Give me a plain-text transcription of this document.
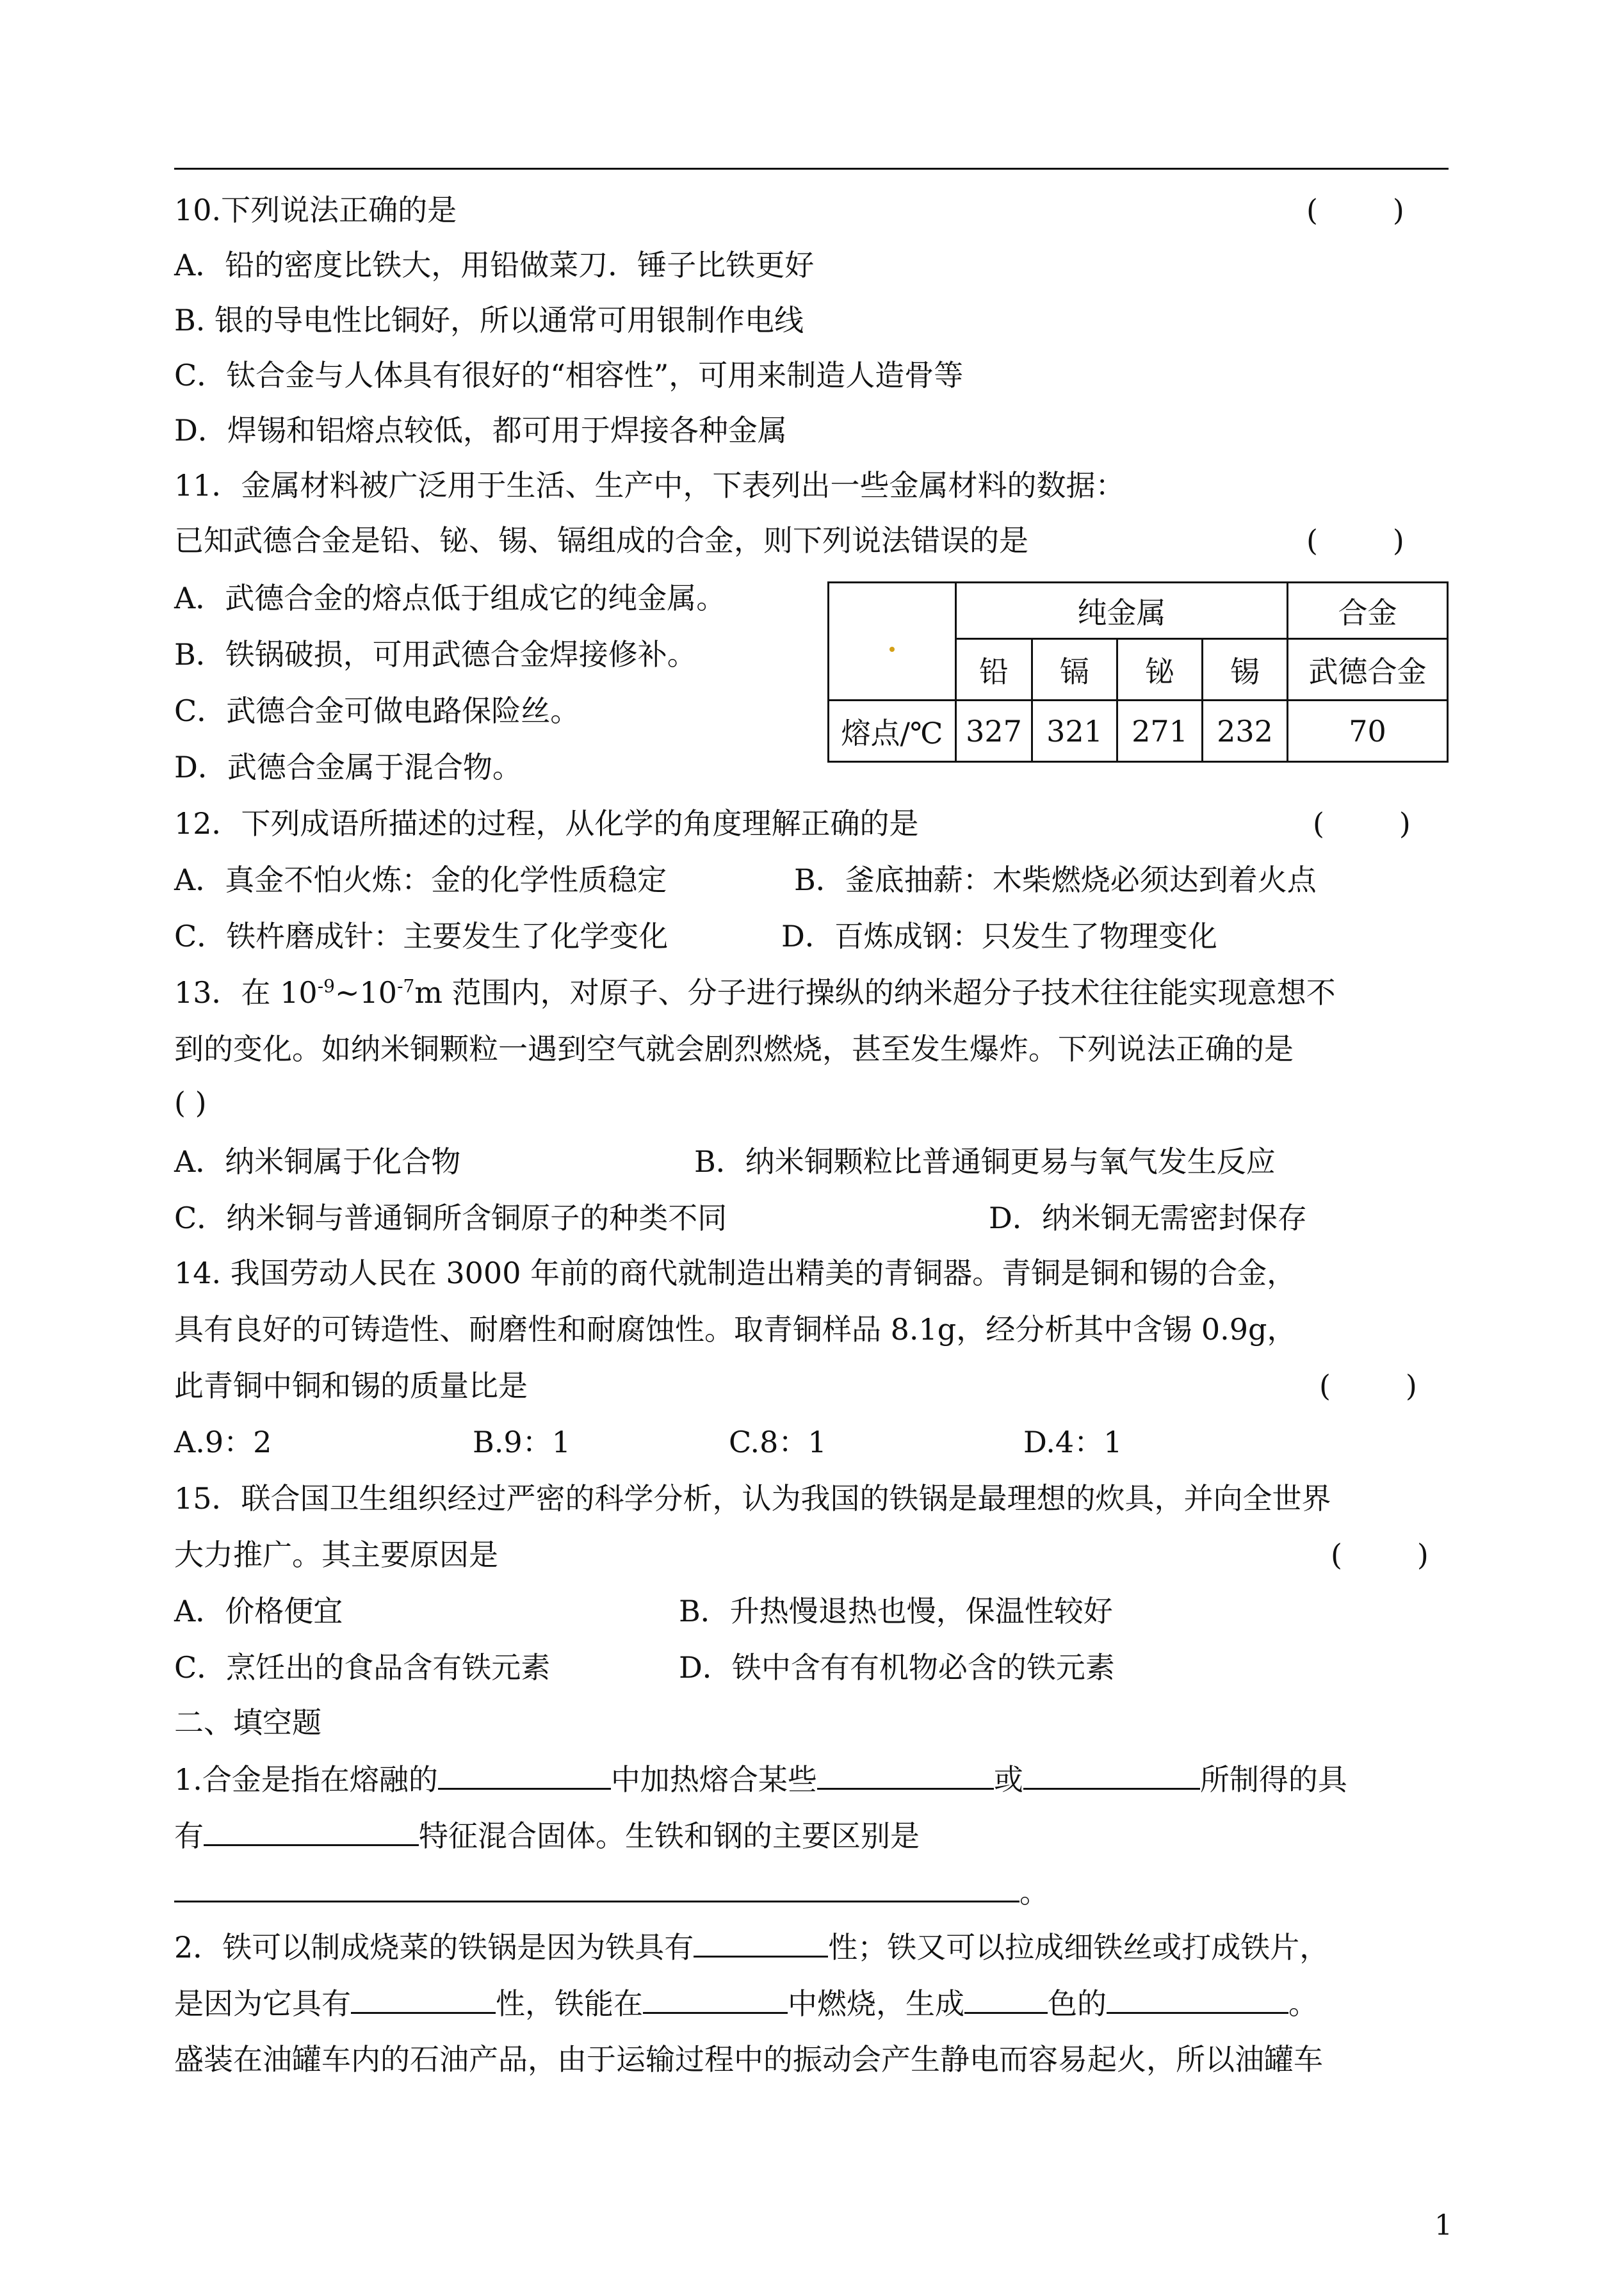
10.下列说法正确的是	(        )
A．铅的密度比铁大，用铅做菜刀．锤子比铁更好
B. 银的导电性比铜好，所以通常可用银制作电线
C．钛合金与人体具有很好的“相容性”，可用来制造人造骨等
D．焊锡和铝熔点较低，都可用于焊接各种金属
11．金属材料被广泛用于生活、生产中，下表列出一些金属材料的数据：
已知武德合金是铅、铋、锡、镉组成的合金，则下列说法错误的是	(        )
A．武德合金的熔点低于组成它的纯金属。
B．铁锅破损，可用武德合金焊接修补。
C．武德合金可做电路保险丝。
D．武德合金属于混合物。
	纯金属				合金
	铅	镉	铋	锡	武德合金
熔点/℃	327	321	271	232	70
12．下列成语所描述的过程，从化学的角度理解正确的是	(        )
A．真金不怕火炼：金的化学性质稳定	B．釜底抽薪：木柴燃烧必须达到着火点
C．铁杵磨成针：主要发生了化学变化	D．百炼成钢：只发生了物理变化
13．在 $10^{-9}\sim 10^{-7}m$ 范围内，对原子、分子进行操纵的纳米超分子技术往往能实现意想不
到的变化。如纳米铜颗粒一遇到空气就会剧烈燃烧，甚至发生爆炸。下列说法正确的是
( )
A．纳米铜属于化合物	B．纳米铜颗粒比普通铜更易与氧气发生反应
C．纳米铜与普通铜所含铜原子的种类不同	D．纳米铜无需密封保存
14. 我国劳动人民在 3000 年前的商代就制造出精美的青铜器。青铜是铜和锡的合金，
具有良好的可铸造性、耐磨性和耐腐蚀性。取青铜样品 8.1g，经分析其中含锡 0.9g，
此青铜中铜和锡的质量比是	(        )
A.9：2	B.9：1	C.8：1	D.4：1
15．联合国卫生组织经过严密的科学分析，认为我国的铁锅是最理想的炊具，并向全世界
大力推广。其主要原因是	(        )
A．价格便宜	B．升热慢退热也慢，保温性较好
C．烹饪出的食品含有铁元素	D．铁中含有有机物必含的铁元素
二、填空题
1.合金是指在熔融的	中加热熔合某些	或	所制得的具
有	特征混合固体。生铁和钢的主要区别是
。
2．铁可以制成烧菜的铁锅是因为铁具有	性；铁又可以拉成细铁丝或打成铁片，
是因为它具有	性，铁能在	中燃烧，生成	色的	。
盛装在油罐车内的石油产品，由于运输过程中的振动会产生静电而容易起火，所以油罐车
1
